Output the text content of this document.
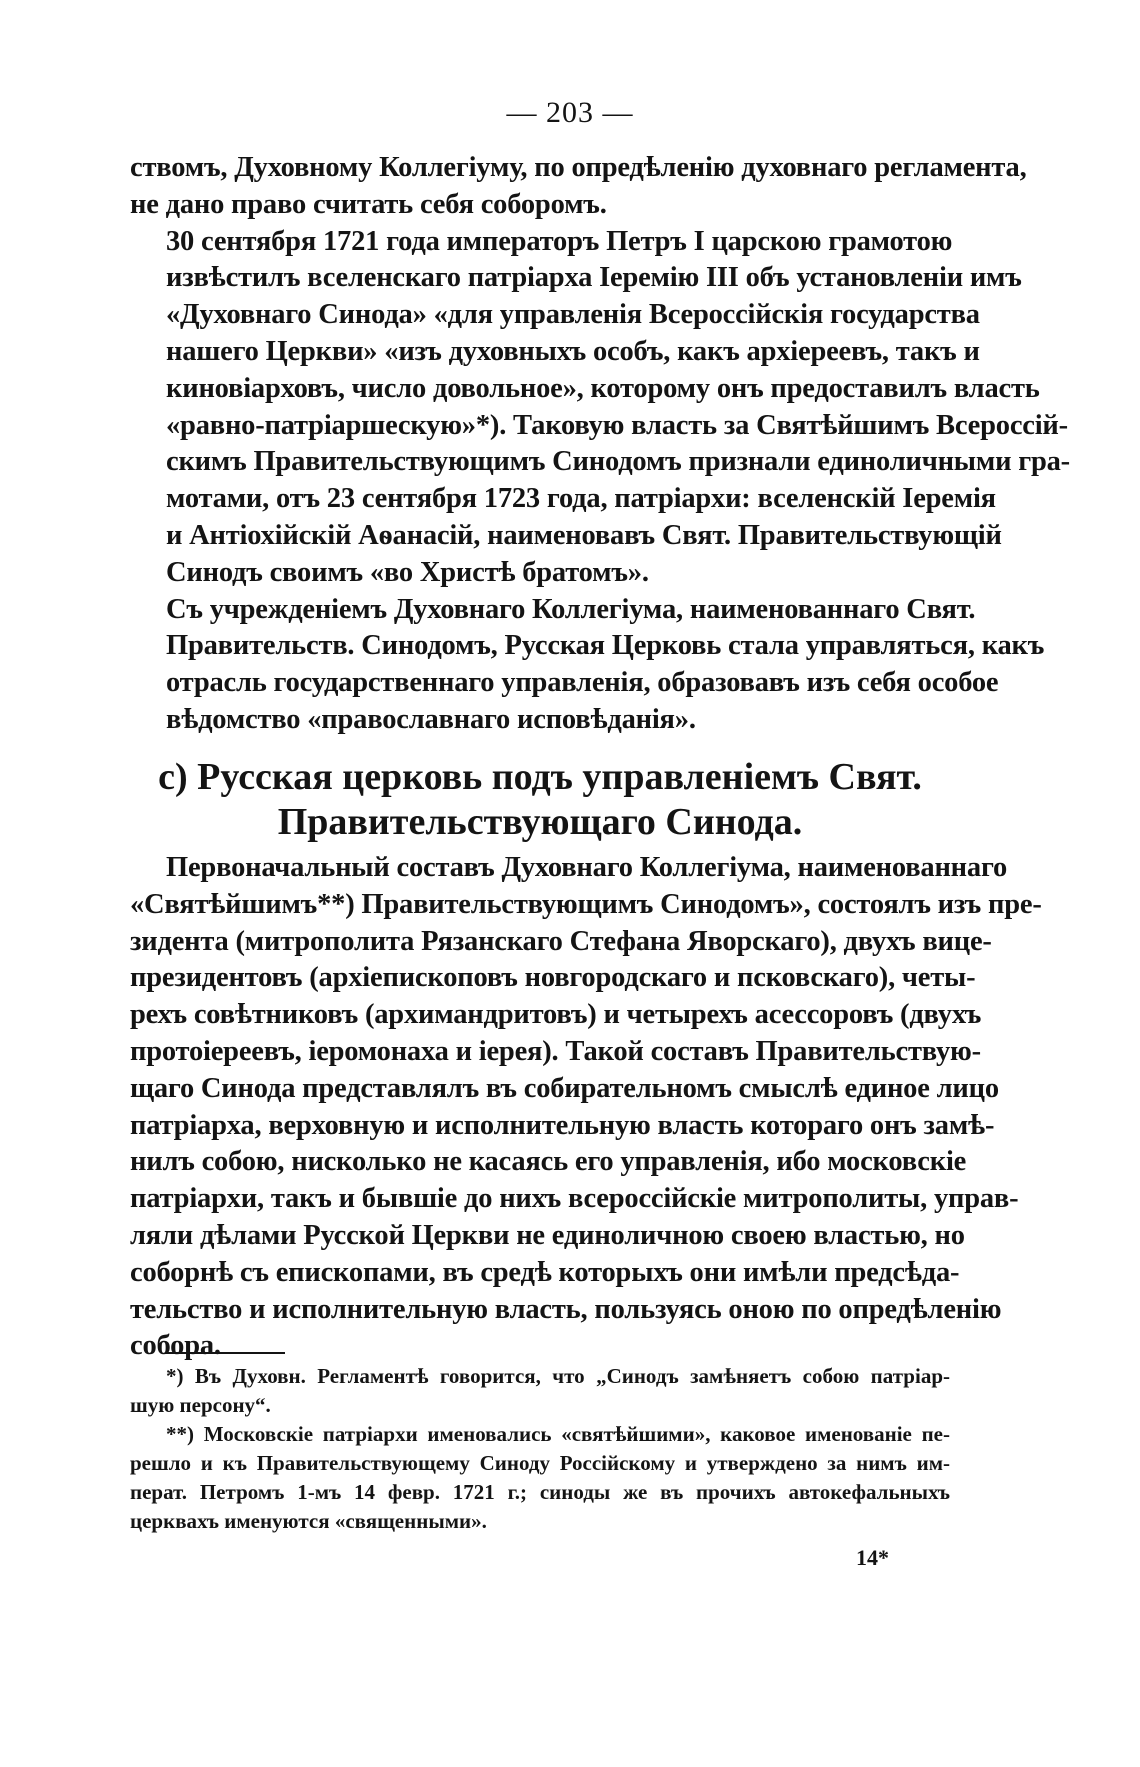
— 203 —

ствомъ, Духовному Коллегіуму, по опредѣленію духовнаго регламента,
не дано право считать себя соборомъ.

30 сентября 1721 года императоръ Петръ I царскою грамотою
извѣстилъ вселенскаго патріарха Іеремію III объ установленіи имъ
«Духовнаго Синода» «для управленія Всероссійскія государства
нашего Церкви» «изъ духовныхъ особъ, какъ архіереевъ, такъ и
киновіарховъ, число довольное», которому онъ предоставилъ власть
«равно-патріаршескую»*). Таковую власть за Святѣйшимъ Всероссій-
скимъ Правительствующимъ Синодомъ признали единоличными гра-
мотами, отъ 23 сентября 1723 года, патріархи: вселенскій Іеремія
и Антіохійскій Аѳанасій, наименовавъ Свят. Правительствующій
Синодъ своимъ «во Христѣ братомъ».

Съ учрежденіемъ Духовнаго Коллегіума, наименованнаго Свят.
Правительств. Синодомъ, Русская Церковь стала управляться, какъ
отрасль государственнаго управленія, образовавъ изъ себя особое
вѣдомство «православнаго исповѣданія».

c) Русская церковь подъ управленіемъ Свят.
Правительствующаго Синода.

Первоначальный составъ Духовнаго Коллегіума, наименованнаго
«Святѣйшимъ**) Правительствующимъ Синодомъ», состоялъ изъ пре-
зидента (митрополита Рязанскаго Стефана Яворскаго), двухъ вице-
президентовъ (архіепископовъ новгородскаго и псковскаго), четы-
рехъ совѣтниковъ (архимандритовъ) и четырехъ асессоровъ (двухъ
протоіереевъ, іеромонаха и іерея). Такой составъ Правительствую-
щаго Синода представлялъ въ собирательномъ смыслѣ единое лицо
патріарха, верховную и исполнительную власть котораго онъ замѣ-
нилъ собою, нисколько не касаясь его управленія, ибо московскіе
патріархи, такъ и бывшіе до нихъ всероссійскіе митрополиты, управ-
ляли дѣлами Русской Церкви не единоличною своею властью, но
соборнѣ съ епископами, въ средѣ которыхъ они имѣли предсѣда-
тельство и исполнительную власть, пользуясь оною по опредѣленію
собора.

*) Въ Духовн. Регламентѣ говорится, что „Синодъ замѣняетъ собою патріар-
шую персону“.
**) Московскіе патріархи именовались «святѣйшими», каковое именованіе пе-
решло и къ Правительствующему Синоду Россійскому и утверждено за нимъ им-
перат. Петромъ 1-мъ 14 февр. 1721 г.; синоды же въ прочихъ автокефальныхъ
церквахъ именуются «священными».
14*
